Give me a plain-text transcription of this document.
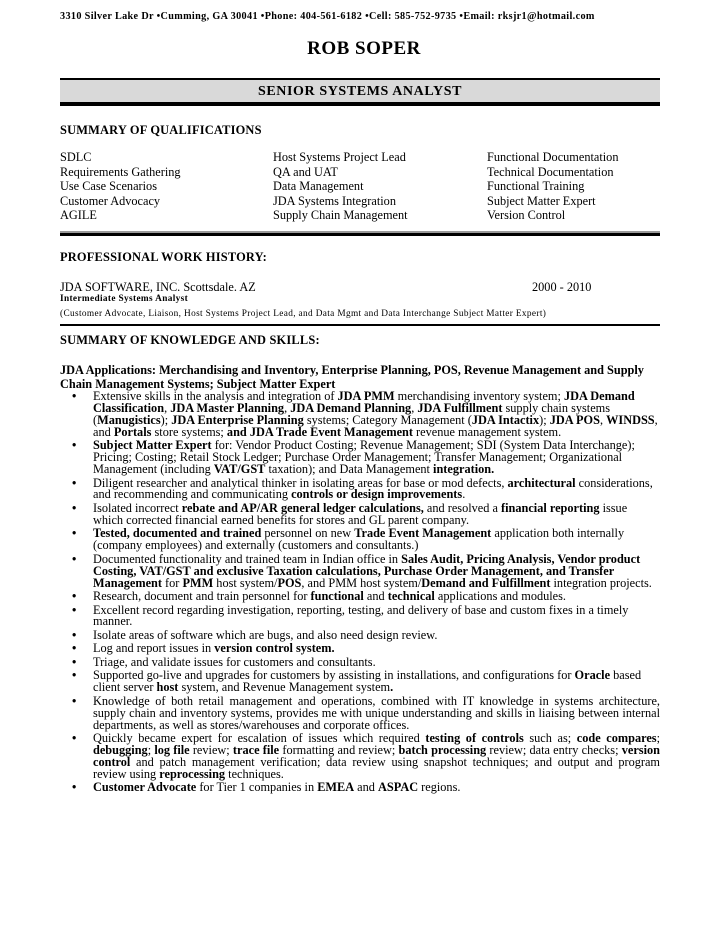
3310 Silver Lake Dr •Cumming, GA 30041 •Phone: 404-561-6182 •Cell: 585-752-9735 •Email: rksjr1@hotmail.com
ROB SOPER
SENIOR SYSTEMS ANALYST
SUMMARY OF QUALIFICATIONS
SDLC
Requirements Gathering
Use Case Scenarios
Customer Advocacy
AGILE
Host Systems Project Lead
QA and UAT
Data Management
JDA Systems Integration
Supply Chain Management
Functional Documentation
Technical Documentation
Functional Training
Subject Matter Expert
Version Control
PROFESSIONAL WORK HISTORY:
JDA SOFTWARE, INC. Scottsdale. AZ	2000 - 2010
Intermediate Systems Analyst
(Customer Advocate, Liaison, Host Systems Project Lead, and Data Mgmt and Data Interchange Subject Matter Expert)
SUMMARY OF KNOWLEDGE AND SKILLS:
JDA Applications: Merchandising and Inventory, Enterprise Planning, POS, Revenue Management and Supply Chain Management Systems; Subject Matter Expert
• Extensive skills in the analysis and integration of JDA PMM merchandising inventory system; JDA Demand Classification, JDA Master Planning, JDA Demand Planning, JDA Fulfillment supply chain systems (Manugistics); JDA Enterprise Planning systems; Category Management (JDA Intactix); JDA POS, WINDSS, and Portals store systems; and JDA Trade Event Management revenue management system.
• Subject Matter Expert for: Vendor Product Costing; Revenue Management; SDI (System Data Interchange); Pricing; Costing; Retail Stock Ledger; Purchase Order Management; Transfer Management; Organizational Management (including VAT/GST taxation); and Data Management integration.
• Diligent researcher and analytical thinker in isolating areas for base or mod defects, architectural considerations, and recommending and communicating controls or design improvements.
• Isolated incorrect rebate and AP/AR general ledger calculations, and resolved a financial reporting issue which corrected financial earned benefits for stores and GL parent company.
• Tested, documented and trained personnel on new Trade Event Management application both internally (company employees) and externally (customers and consultants.)
• Documented functionality and trained team in Indian office in Sales Audit, Pricing Analysis, Vendor product Costing, VAT/GST and exclusive Taxation calculations, Purchase Order Management, and Transfer Management for PMM host system/POS, and PMM host system/Demand and Fulfillment integration projects.
• Research, document and train personnel for functional and technical applications and modules.
• Excellent record regarding investigation, reporting, testing, and delivery of base and custom fixes in a timely manner.
• Isolate areas of software which are bugs, and also need design review.
• Log and report issues in version control system.
• Triage, and validate issues for customers and consultants.
• Supported go-live and upgrades for customers by assisting in installations, and configurations for Oracle based client server host system, and Revenue Management system.
• Knowledge of both retail management and operations, combined with IT knowledge in systems architecture, supply chain and inventory systems, provides me with unique understanding and skills in liaising between internal departments, as well as stores/warehouses and corporate offices.
• Quickly became expert for escalation of issues which required testing of controls such as; code compares; debugging; log file review; trace file formatting and review; batch processing review; data entry checks; version control and patch management verification; data review using snapshot techniques; and output and program review using reprocessing techniques.
• Customer Advocate for Tier 1 companies in EMEA and ASPAC regions.
